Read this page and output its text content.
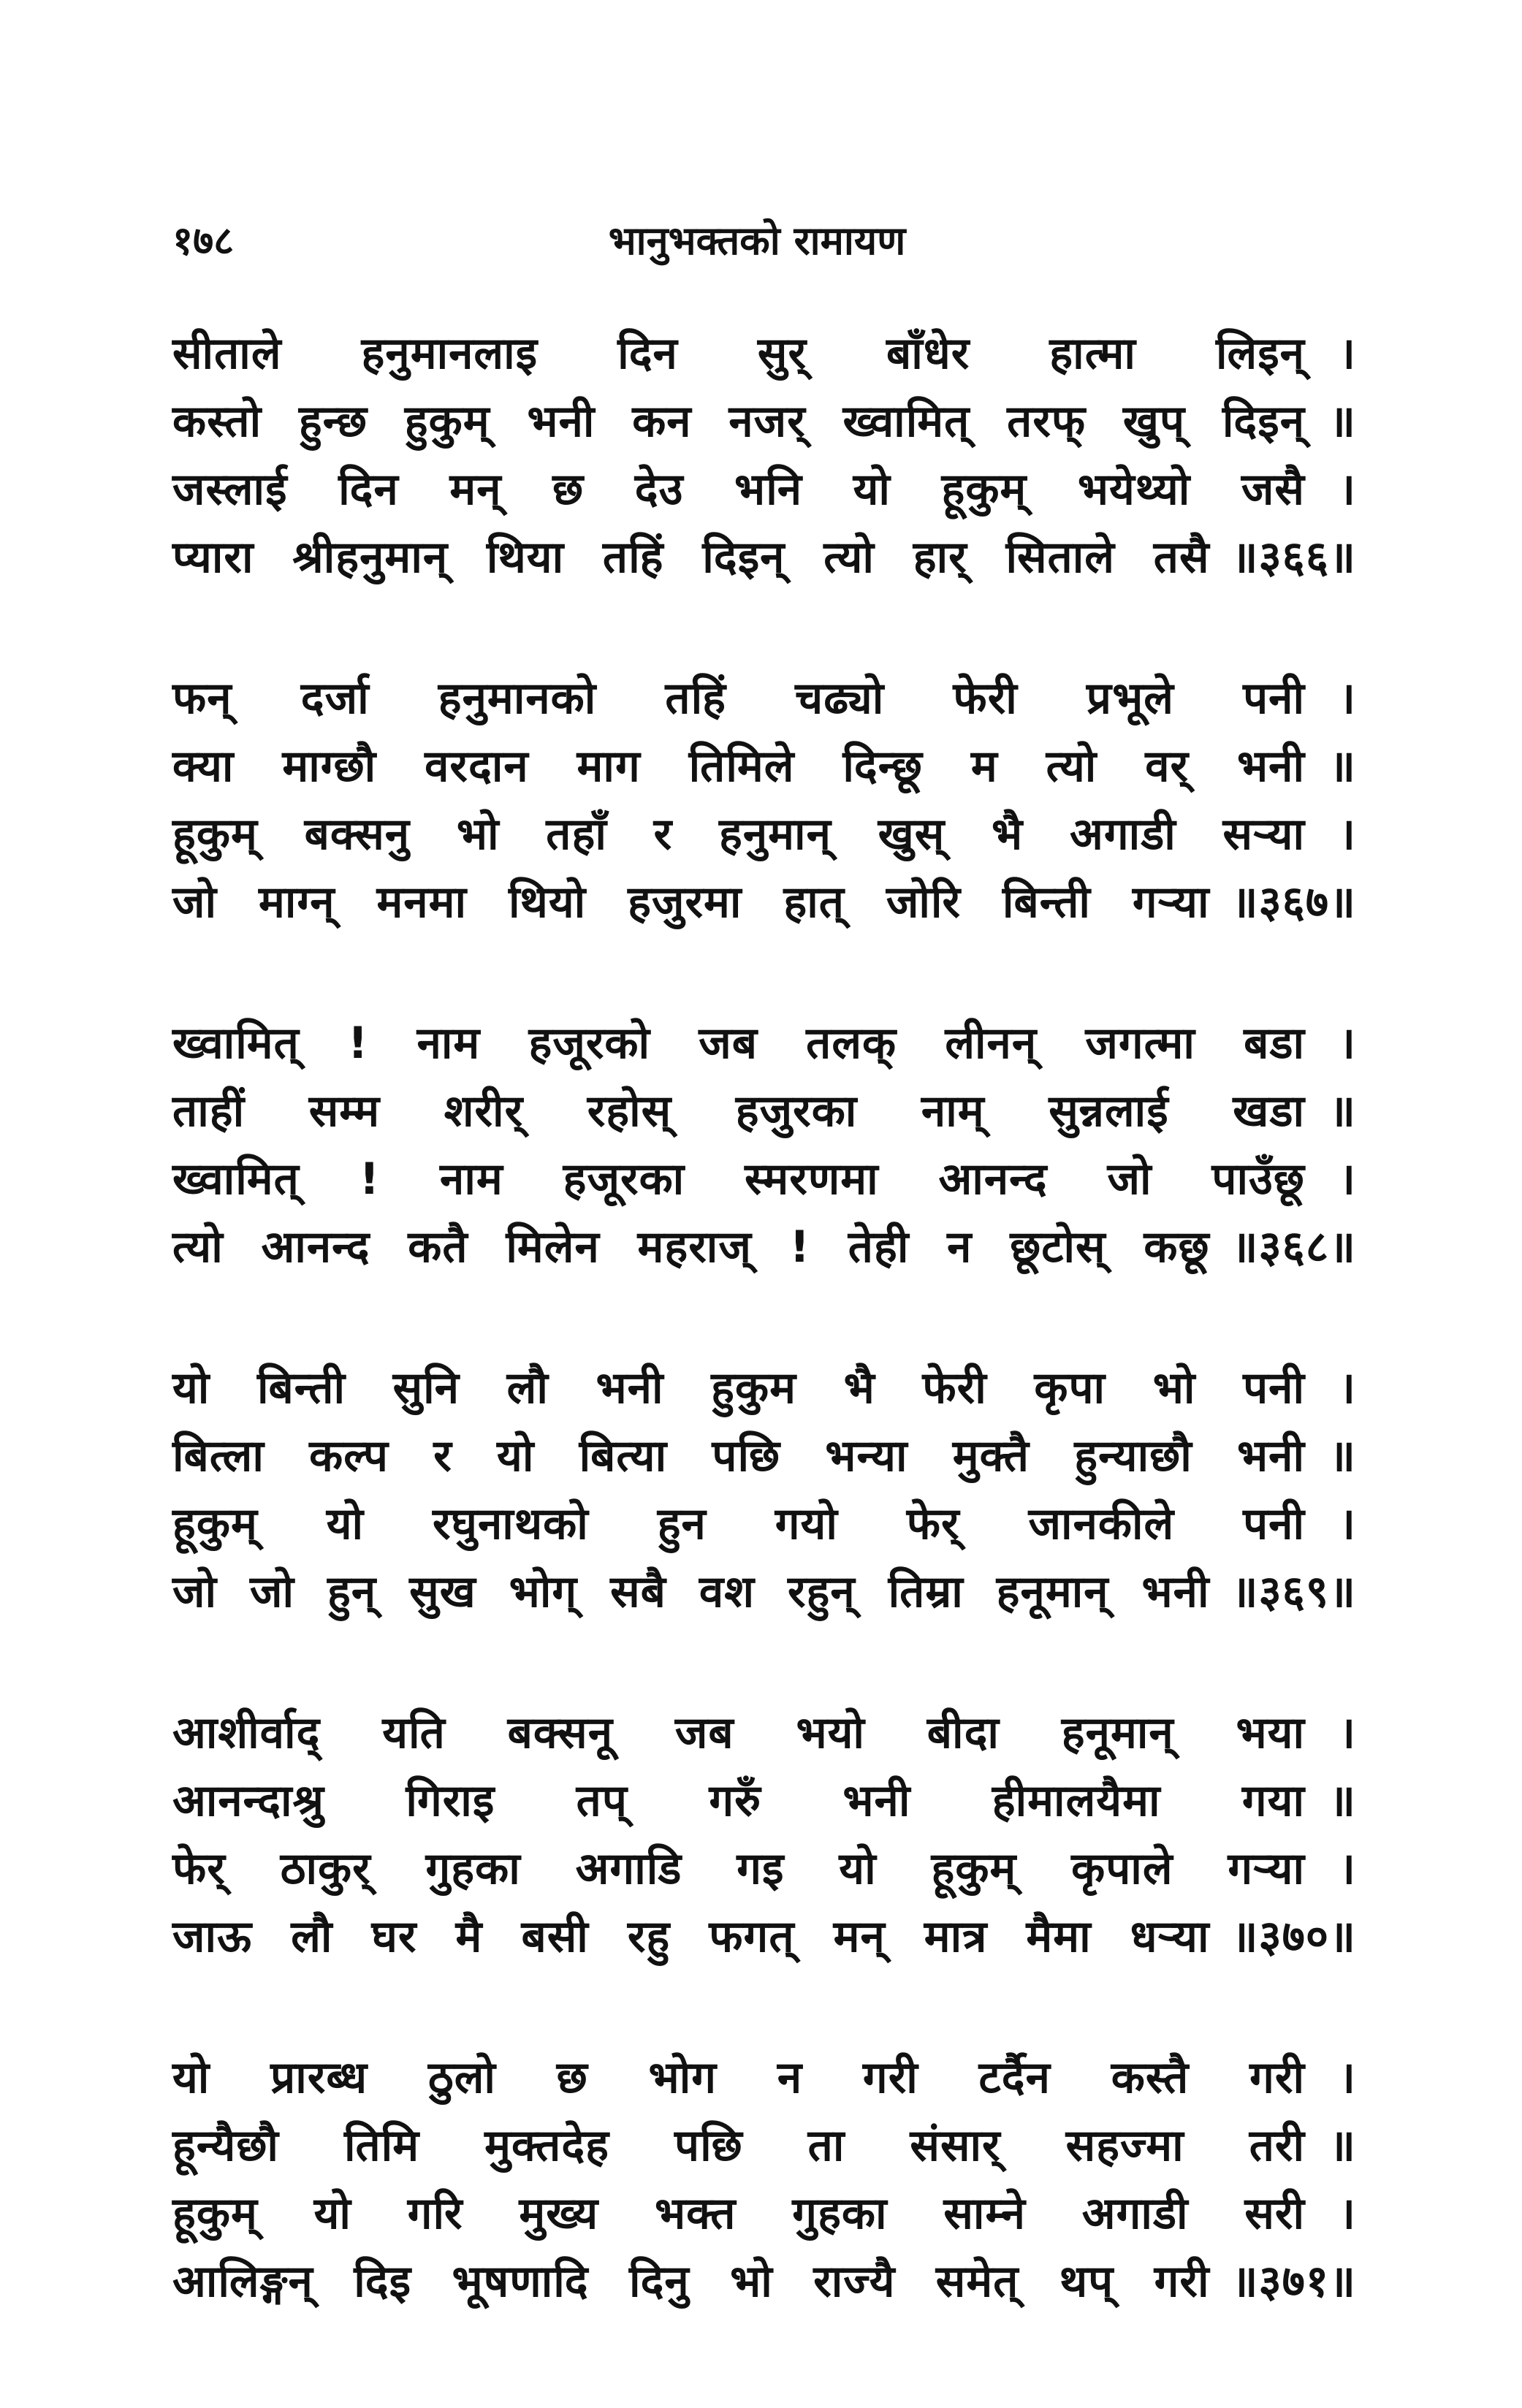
१७८	भानुभक्तको रामायण
सीताले हनुमानलाइ दिन सुर् बाँधेर हात्मा लिइन् ।
कस्तो हुन्छ हुकुम् भनी कन नजर् ख्वामित् तरफ् खुप् दिइन् ॥
जस्लाई दिन मन् छ देउ भनि यो हूकुम् भयेथ्यो जसै ।
प्यारा श्रीहनुमान् थिया तहिं दिइन् त्यो हार् सिताले तसै ॥३६६॥
फन् दर्जा हनुमानको तहिं चढ्यो फेरी प्रभूले पनी ।
क्या माग्छौ वरदान माग तिमिले दिन्छू म त्यो वर् भनी ॥
हूकुम् बक्सनु भो तहाँ र हनुमान् खुस् भै अगाडी सऱ्या ।
जो माग्न् मनमा थियो हजुरमा हात् जोरि बिन्ती गऱ्या ॥३६७॥
ख्वामित् ! नाम हजूरको जब तलक् लीनन् जगत्मा बडा ।
ताहीं सम्म शरीर् रहोस् हजुरका नाम् सुन्नलाई खडा ॥
ख्वामित् ! नाम हजूरका स्मरणमा आनन्द जो पाउँछू ।
त्यो आनन्द कतै मिलेन महराज् ! तेही न छूटोस् कछू ॥३६८॥
यो बिन्ती सुनि लौ भनी हुकुम भै फेरी कृपा भो पनी ।
बित्ला कल्प र यो बित्या पछि भन्या मुक्तै हुन्याछौ भनी ॥
हूकुम् यो रघुनाथको हुन गयो फेर् जानकीले पनी ।
जो जो हुन् सुख भोग् सबै वश रहुन् तिम्रा हनूमान् भनी ॥३६९॥
आशीर्वाद् यति बक्सनू जब भयो बीदा हनूमान् भया ।
आनन्दाश्रु गिराइ तप् गरुँ भनी हीमालयैमा गया ॥
फेर् ठाकुर् गुहका अगाडि गइ यो हूकुम् कृपाले गऱ्या ।
जाऊ लौ घर मै बसी रहु फगत् मन् मात्र मैमा धऱ्या ॥३७०॥
यो प्रारब्ध ठुलो छ भोग न गरी टर्दैन कस्तै गरी ।
हून्यैछौ तिमि मुक्तदेह पछि ता संसार् सहज्मा तरी ॥
हूकुम् यो गरि मुख्य भक्त गुहका साम्ने अगाडी सरी ।
आलिङ्गन् दिइ भूषणादि दिनु भो राज्यै समेत् थप् गरी ॥३७१॥
